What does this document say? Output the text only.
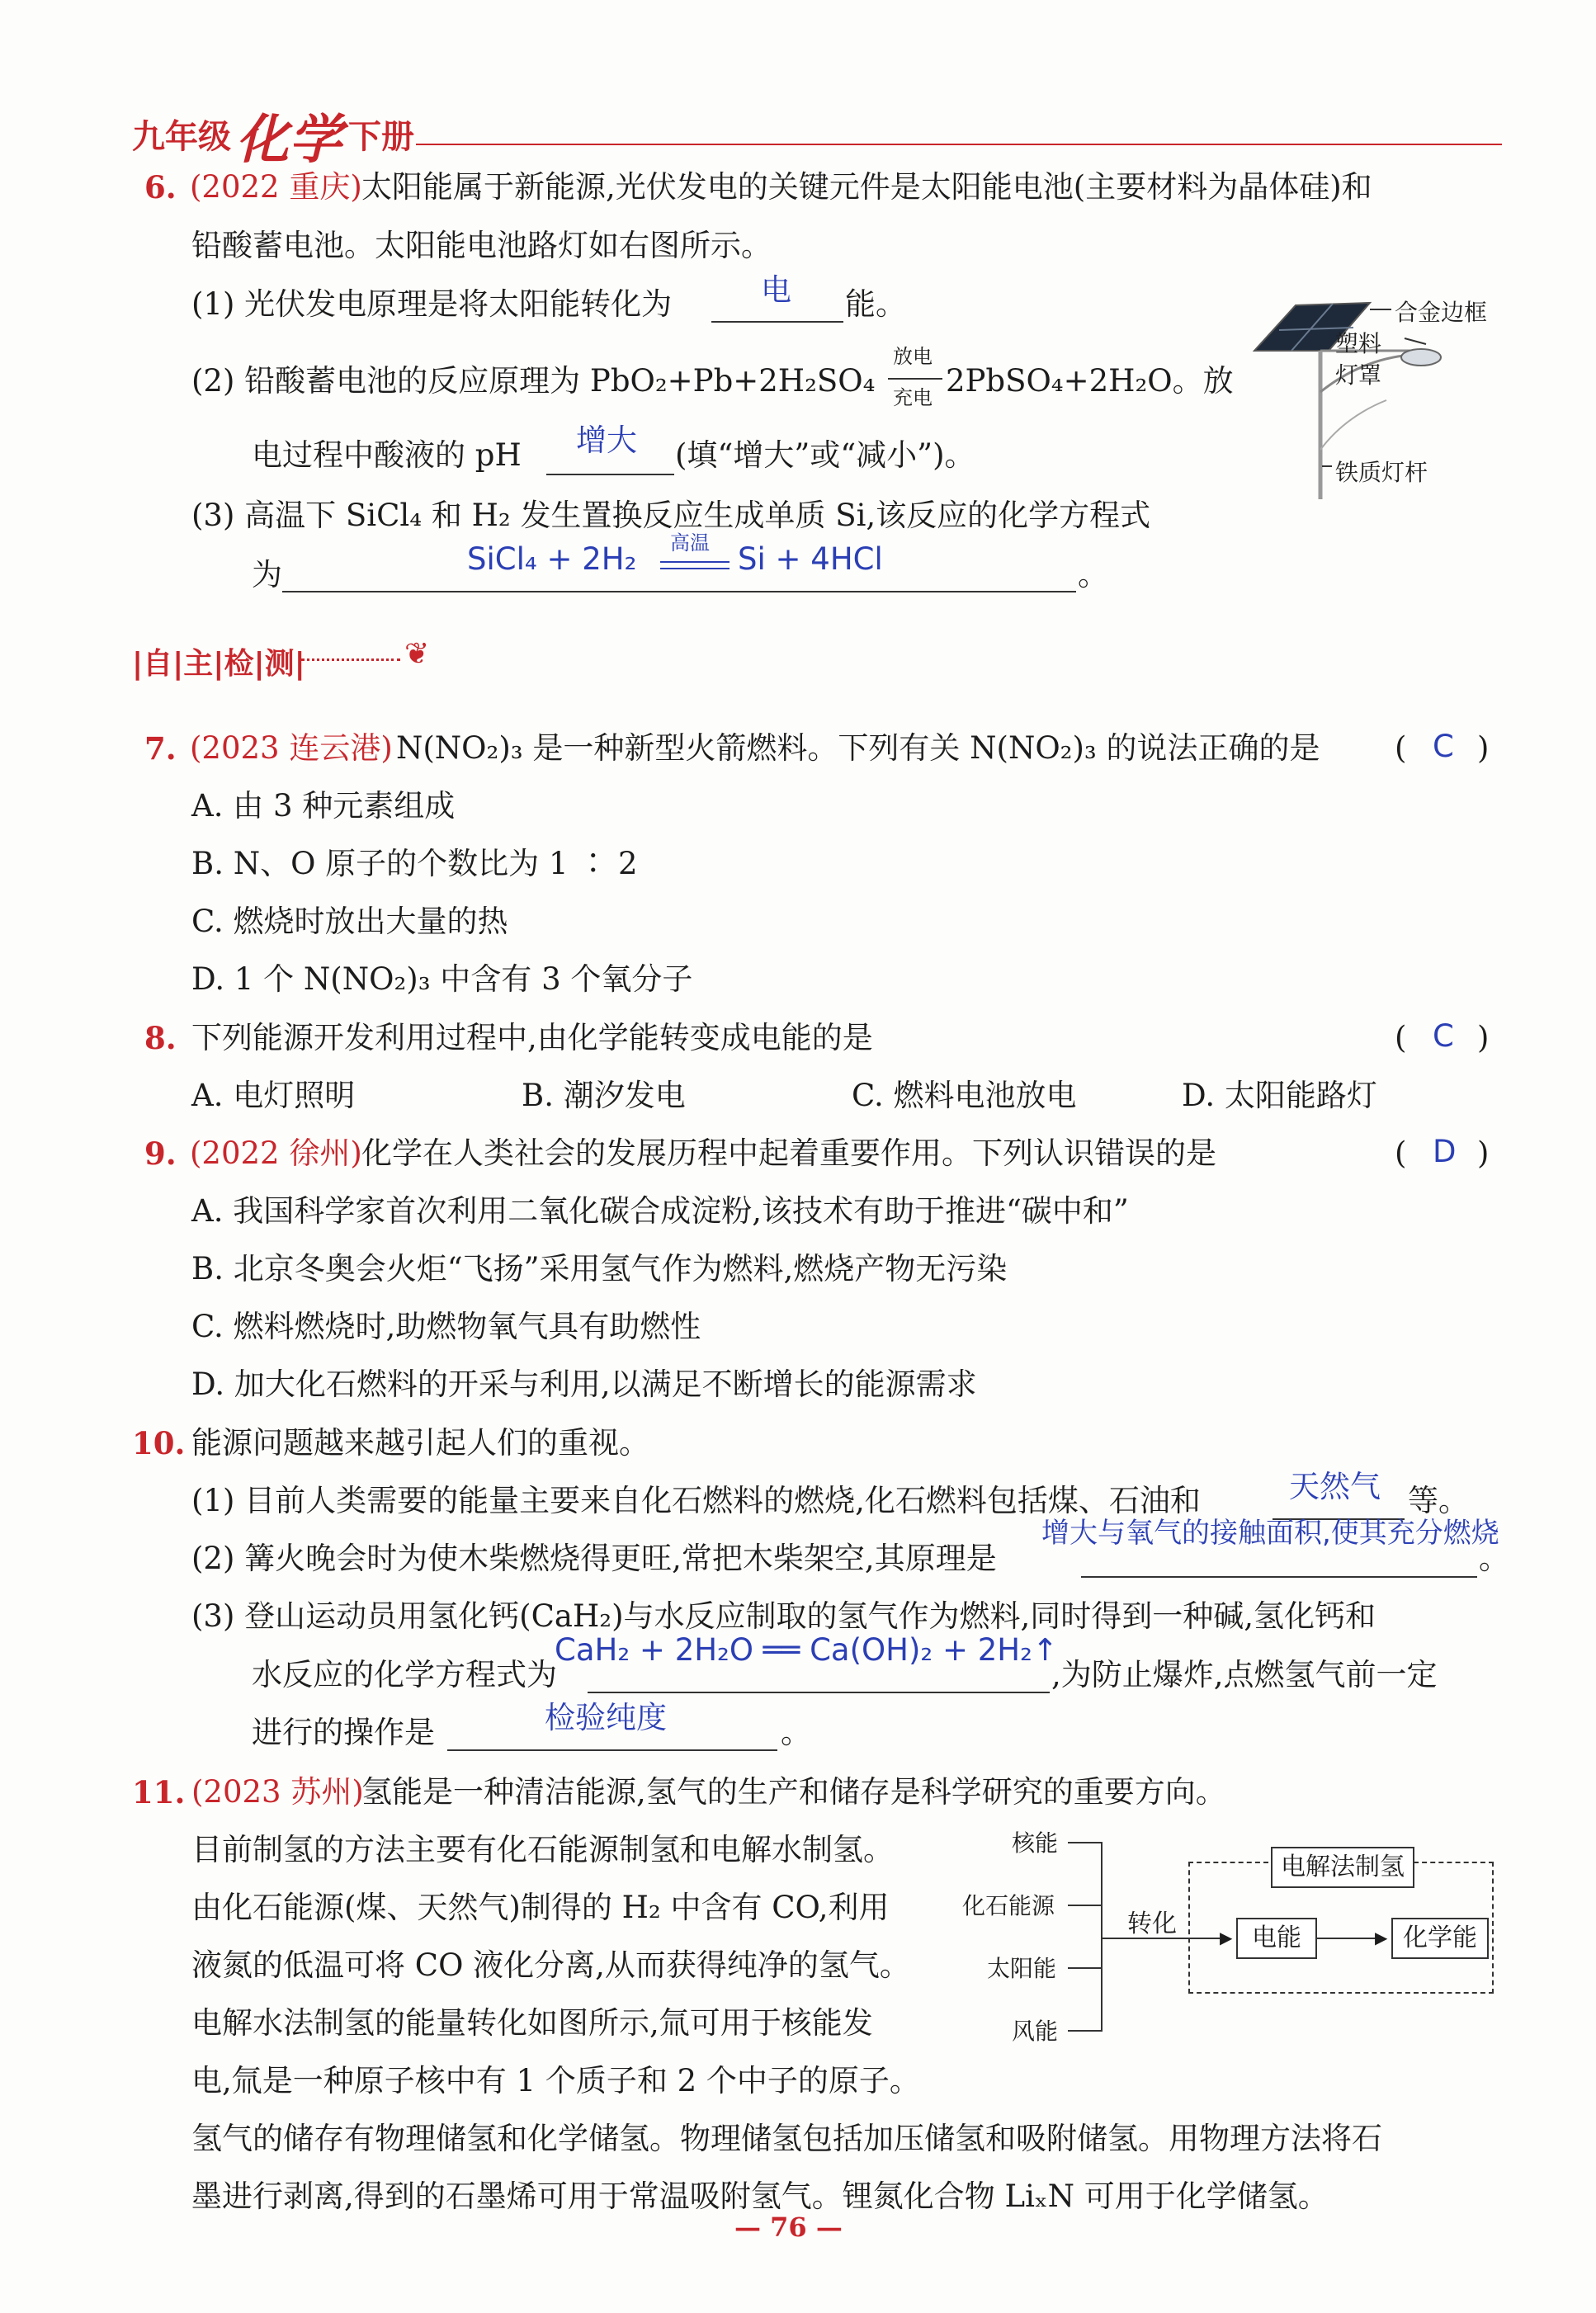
九年级 化学 下册
6. (2022 重庆) 太阳能属于新能源,光伏发电的关键元件是太阳能电池(主要材料为晶体硅)和
铅酸蓄电池。太阳能电池路灯如右图所示。
(1) 光伏发电原理是将太阳能转化为	电 能。
(2) 铅酸蓄电池的反应原理为 PbO₂+Pb+2H₂SO₄
放电
充电 2PbSO₄+2H₂O。放
电过程中酸液的 pH 增大 (填“增大”或“减小”)。
(3) 高温下 SiCl₄ 和 H₂ 发生置换反应生成单质 Si,该反应的化学方程式
为	SiCl₄ + 2H₂ 高温 Si + 4HCl	。
合金边框
塑料
灯罩
铁质灯杆
|自|主|检|测|	❦
7. (2023 连云港) N(NO₂)₃ 是一种新型火箭燃料。下列有关 N(NO₂)₃ 的说法正确的是 ( C )
A. 由 3 种元素组成
B. N、O 原子的个数比为 1 ∶ 2
C. 燃烧时放出大量的热
D. 1 个 N(NO₂)₃ 中含有 3 个氧分子
8. 下列能源开发利用过程中,由化学能转变成电能的是	( C )
A. 电灯照明	B. 潮汐发电	C. 燃料电池放电	D. 太阳能路灯
9. (2022 徐州) 化学在人类社会的发展历程中起着重要作用。下列认识错误的是	( D )
A. 我国科学家首次利用二氧化碳合成淀粉,该技术有助于推进“碳中和”
B. 北京冬奥会火炬“飞扬”采用氢气作为燃料,燃烧产物无污染
C. 燃料燃烧时,助燃物氧气具有助燃性
D. 加大化石燃料的开采与利用,以满足不断增长的能源需求
10. 能源问题越来越引起人们的重视。
(1) 目前人类需要的能量主要来自化石燃料的燃烧,化石燃料包括煤、石油和	天然气 等。
(2) 篝火晚会时为使木柴燃烧得更旺,常把木柴架空,其原理是
增大与氧气的接触面积,使其充分燃烧
。
(3) 登山运动员用氢化钙(CaH₂)与水反应制取的氢气作为燃料,同时得到一种碱,氢化钙和
水反应的化学方程式为
CaH₂ + 2H₂O ══ Ca(OH)₂ + 2H₂↑
,为防止爆炸,点燃氢气前一定
进行的操作是	检验纯度	。
11. (2023 苏州)
氢能是一种清洁能源,氢气的生产和储存是科学研究的重要方向。
目前制氢的方法主要有化石能源制氢和电解水制氢。
由化石能源(煤、天然气)制得的 H₂ 中含有 CO,利用
液氮的低温可将 CO 液化分离,从而获得纯净的氢气。
电解水法制氢的能量转化如图所示,氚可用于核能发
电,氚是一种原子核中有 1 个质子和 2 个中子的原子。
氢气的储存有物理储氢和化学储氢。物理储氢包括加压储氢和吸附储氢。用物理方法将石
墨进行剥离,得到的石墨烯可用于常温吸附氢气。锂氮化合物 LiₓN 可用于化学储氢。
核能
化石能源
太阳能
风能
▶
转化
电解法制氢
电能	▶ 化学能
— 76 —
